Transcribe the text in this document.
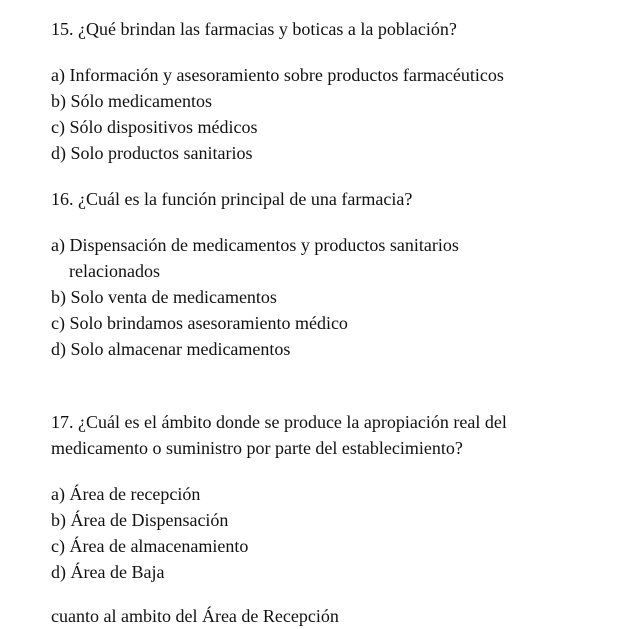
15. ¿Qué brindan las farmacias y boticas a la población?
a) Información y asesoramiento sobre productos farmacéuticos
b) Sólo medicamentos
c) Sólo dispositivos médicos
d) Solo productos sanitarios
16. ¿Cuál es la función principal de una farmacia?
a) Dispensación de medicamentos y productos sanitarios
relacionados
b) Solo venta de medicamentos
c) Solo brindamos asesoramiento médico
d) Solo almacenar medicamentos
17. ¿Cuál es el ámbito donde se produce la apropiación real del
medicamento o suministro por parte del establecimiento?
a) Área de recepción
b) Área de Dispensación
c) Área de almacenamiento
d) Área de Baja
cuanto al ambito del Área de Recepción
